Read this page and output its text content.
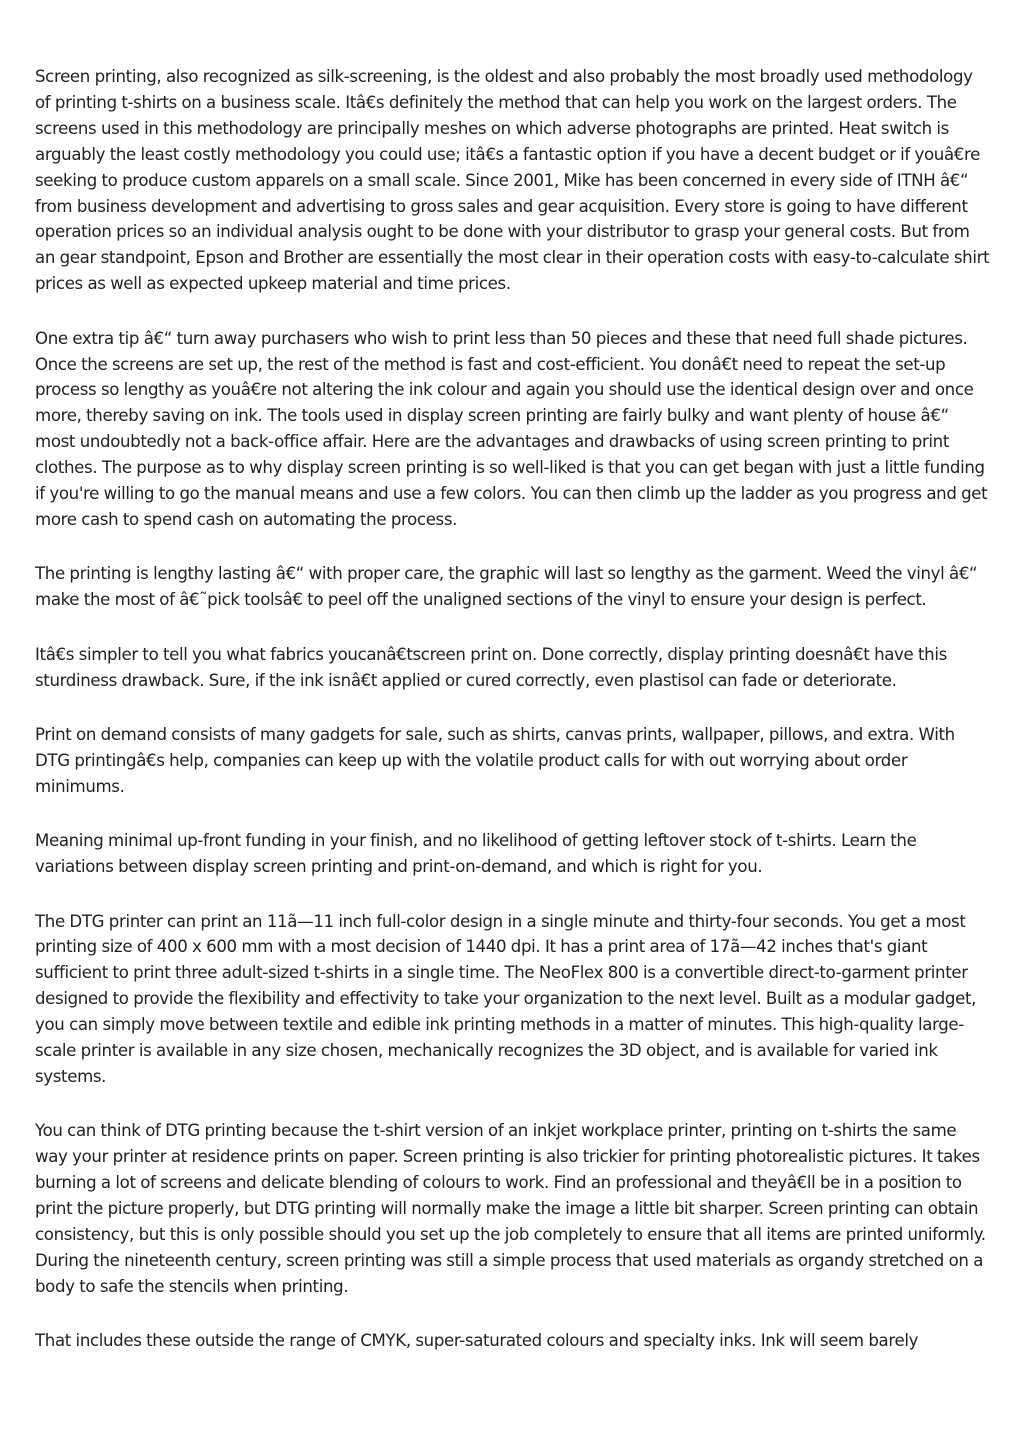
Screen printing, also recognized as silk-screening, is the oldest and also probably the most broadly used methodology of printing t-shirts on a business scale. Itâ€s definitely the method that can help you work on the largest orders. The screens used in this methodology are principally meshes on which adverse photographs are printed. Heat switch is arguably the least costly methodology you could use; itâ€s a fantastic option if you have a decent budget or if youâ€re seeking to produce custom apparels on a small scale. Since 2001, Mike has been concerned in every side of ITNH â€“ from business development and advertising to gross sales and gear acquisition. Every store is going to have different operation prices so an individual analysis ought to be done with your distributor to grasp your general costs. But from an gear standpoint, Epson and Brother are essentially the most clear in their operation costs with easy-to-calculate shirt prices as well as expected upkeep material and time prices.

One extra tip â€“ turn away purchasers who wish to print less than 50 pieces and these that need full shade pictures. Once the screens are set up, the rest of the method is fast and cost-efficient. You donâ€t need to repeat the set-up process so lengthy as youâ€re not altering the ink colour and again you should use the identical design over and once more, thereby saving on ink. The tools used in display screen printing are fairly bulky and want plenty of house â€“ most undoubtedly not a back-office affair. Here are the advantages and drawbacks of using screen printing to print clothes. The purpose as to why display screen printing is so well-liked is that you can get began with just a little funding if you're willing to go the manual means and use a few colors. You can then climb up the ladder as you progress and get more cash to spend cash on automating the process.

The printing is lengthy lasting â€“ with proper care, the graphic will last so lengthy as the garment. Weed the vinyl â€“ make the most of â€˜pick toolsâ€ to peel off the unaligned sections of the vinyl to ensure your design is perfect.

Itâ€s simpler to tell you what fabrics youcanâ€tscreen print on. Done correctly, display printing doesnâ€t have this sturdiness drawback. Sure, if the ink isnâ€t applied or cured correctly, even plastisol can fade or deteriorate.

Print on demand consists of many gadgets for sale, such as shirts, canvas prints, wallpaper, pillows, and extra. With DTG printingâ€s help, companies can keep up with the volatile product calls for with out worrying about order minimums.

Meaning minimal up-front funding in your finish, and no likelihood of getting leftover stock of t-shirts. Learn the variations between display screen printing and print-on-demand, and which is right for you.

The DTG printer can print an 11ã—11 inch full-color design in a single minute and thirty-four seconds. You get a most printing size of 400 x 600 mm with a most decision of 1440 dpi. It has a print area of 17ã—42 inches that's giant sufficient to print three adult-sized t-shirts in a single time. The NeoFlex 800 is a convertible direct-to-garment printer designed to provide the flexibility and effectivity to take your organization to the next level. Built as a modular gadget, you can simply move between textile and edible ink printing methods in a matter of minutes. This high-quality large-scale printer is available in any size chosen, mechanically recognizes the 3D object, and is available for varied ink systems.

You can think of DTG printing because the t-shirt version of an inkjet workplace printer, printing on t-shirts the same way your printer at residence prints on paper. Screen printing is also trickier for printing photorealistic pictures. It takes burning a lot of screens and delicate blending of colours to work. Find an professional and theyâ€ll be in a position to print the picture properly, but DTG printing will normally make the image a little bit sharper. Screen printing can obtain consistency, but this is only possible should you set up the job completely to ensure that all items are printed uniformly. During the nineteenth century, screen printing was still a simple process that used materials as organdy stretched on a body to safe the stencils when printing.

That includes these outside the range of CMYK, super-saturated colours and specialty inks. Ink will seem barely
